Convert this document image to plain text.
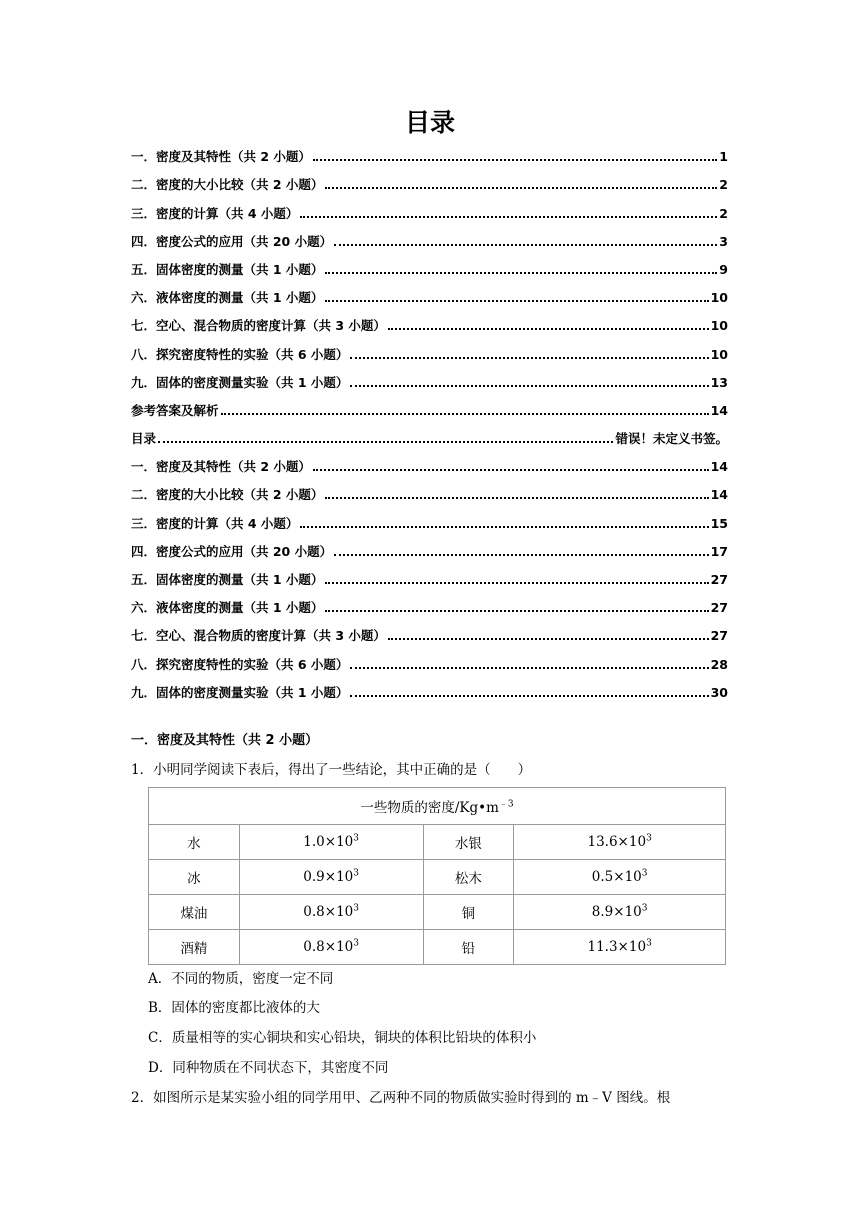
目录
一．密度及其特性（共 2 小题）	1
二．密度的大小比较（共 2 小题）	2
三．密度的计算（共 4 小题）	2
四．密度公式的应用（共 20 小题）	3
五．固体密度的测量（共 1 小题）	9
六．液体密度的测量（共 1 小题）	10
七．空心、混合物质的密度计算（共 3 小题）	10
八．探究密度特性的实验（共 6 小题）	10
九．固体的密度测量实验（共 1 小题）	13
参考答案及解析	14
目录	错误！未定义书签。
一．密度及其特性（共 2 小题）	14
二．密度的大小比较（共 2 小题）	14
三．密度的计算（共 4 小题）	15
四．密度公式的应用（共 20 小题）	17
五．固体密度的测量（共 1 小题）	27
六．液体密度的测量（共 1 小题）	27
七．空心、混合物质的密度计算（共 3 小题）	27
八．探究密度特性的实验（共 6 小题）	28
九．固体的密度测量实验（共 1 小题）	30
一．密度及其特性（共 2 小题）
1．小明同学阅读下表后，得出了一些结论，其中正确的是（　　）
一些物质的密度$/Kg•m^{﹣3}$
水	$1.0\times 10^3$	水银	$13.6\times 10^3$
冰	$0.9\times 10^3$	松木	$0.5\times 10^3$
煤油	$0.8\times 10^3$	铜	$8.9\times 10^3$
酒精	$0.8\times 10^3$	铅	$11.3\times 10^3$
A．不同的物质，密度一定不同
B．固体的密度都比液体的大
C．质量相等的实心铜块和实心铅块，铜块的体积比铅块的体积小
D．同种物质在不同状态下，其密度不同
2．如图所示是某实验小组的同学用甲、乙两种不同的物质做实验时得到的 m﹣V 图线。根
